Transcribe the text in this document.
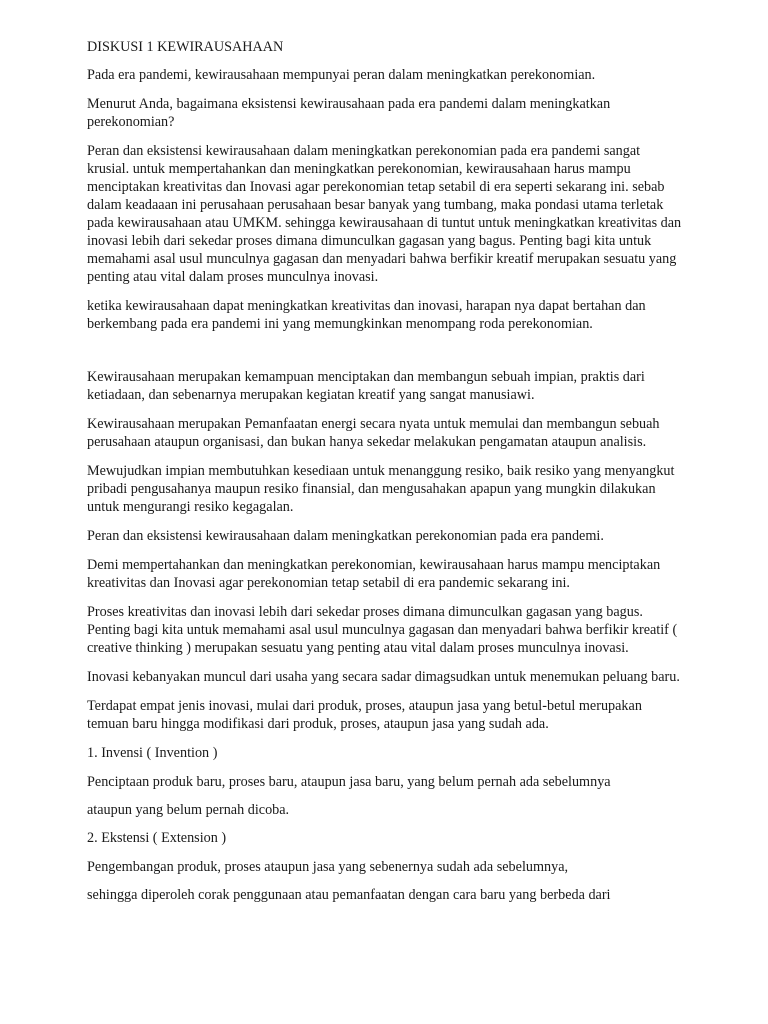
DISKUSI 1 KEWIRAUSAHAAN

Pada era pandemi, kewirausahaan mempunyai peran dalam meningkatkan perekonomian.

Menurut Anda, bagaimana eksistensi kewirausahaan pada era pandemi dalam meningkatkan perekonomian?

Peran dan eksistensi kewirausahaan dalam meningkatkan perekonomian pada era pandemi sangat krusial. untuk mempertahankan dan meningkatkan perekonomian, kewirausahaan harus mampu menciptakan kreativitas dan Inovasi agar perekonomian tetap setabil di era seperti sekarang ini. sebab dalam keadaaan ini perusahaan perusahaan besar banyak yang tumbang, maka pondasi utama terletak pada kewirausahaan atau UMKM. sehingga kewirausahaan di tuntut untuk meningkatkan kreativitas dan inovasi lebih dari sekedar proses dimana dimunculkan gagasan yang bagus. Penting bagi kita untuk memahami asal usul munculnya gagasan dan menyadari bahwa berfikir kreatif merupakan sesuatu yang penting atau vital dalam proses munculnya inovasi.

ketika kewirausahaan dapat meningkatkan kreativitas dan inovasi, harapan nya dapat bertahan dan berkembang pada era pandemi ini yang memungkinkan menompang roda perekonomian.

Kewirausahaan merupakan kemampuan menciptakan dan membangun sebuah impian, praktis dari ketiadaan, dan sebenarnya merupakan kegiatan kreatif yang sangat manusiawi.

Kewirausahaan merupakan Pemanfaatan energi secara nyata untuk memulai dan membangun sebuah perusahaan ataupun organisasi, dan bukan hanya sekedar melakukan pengamatan ataupun analisis.

Mewujudkan impian membutuhkan kesediaan untuk menanggung resiko, baik resiko yang menyangkut pribadi pengusahanya maupun resiko finansial, dan mengusahakan apapun yang mungkin dilakukan untuk mengurangi resiko kegagalan.

Peran dan eksistensi kewirausahaan dalam meningkatkan perekonomian pada era pandemi.

Demi mempertahankan dan meningkatkan perekonomian, kewirausahaan harus mampu menciptakan kreativitas dan Inovasi agar perekonomian tetap setabil di era pandemic sekarang ini.

Proses kreativitas dan inovasi lebih dari sekedar proses dimana dimunculkan gagasan yang bagus. Penting bagi kita untuk memahami asal usul munculnya gagasan dan menyadari bahwa berfikir kreatif ( creative thinking ) merupakan sesuatu yang penting atau vital dalam proses munculnya inovasi.

Inovasi kebanyakan muncul dari usaha yang secara sadar dimagsudkan untuk menemukan peluang baru.

Terdapat empat jenis inovasi, mulai dari produk, proses, ataupun jasa yang betul-betul merupakan temuan baru hingga modifikasi dari produk, proses, ataupun jasa yang sudah ada.

1. Invensi ( Invention )

Penciptaan produk baru, proses baru, ataupun jasa baru, yang belum pernah ada sebelumnya

ataupun yang belum pernah dicoba.

2. Ekstensi ( Extension )

Pengembangan produk, proses ataupun jasa yang sebenernya sudah ada sebelumnya,

sehingga diperoleh corak penggunaan atau pemanfaatan dengan cara baru yang berbeda dari
